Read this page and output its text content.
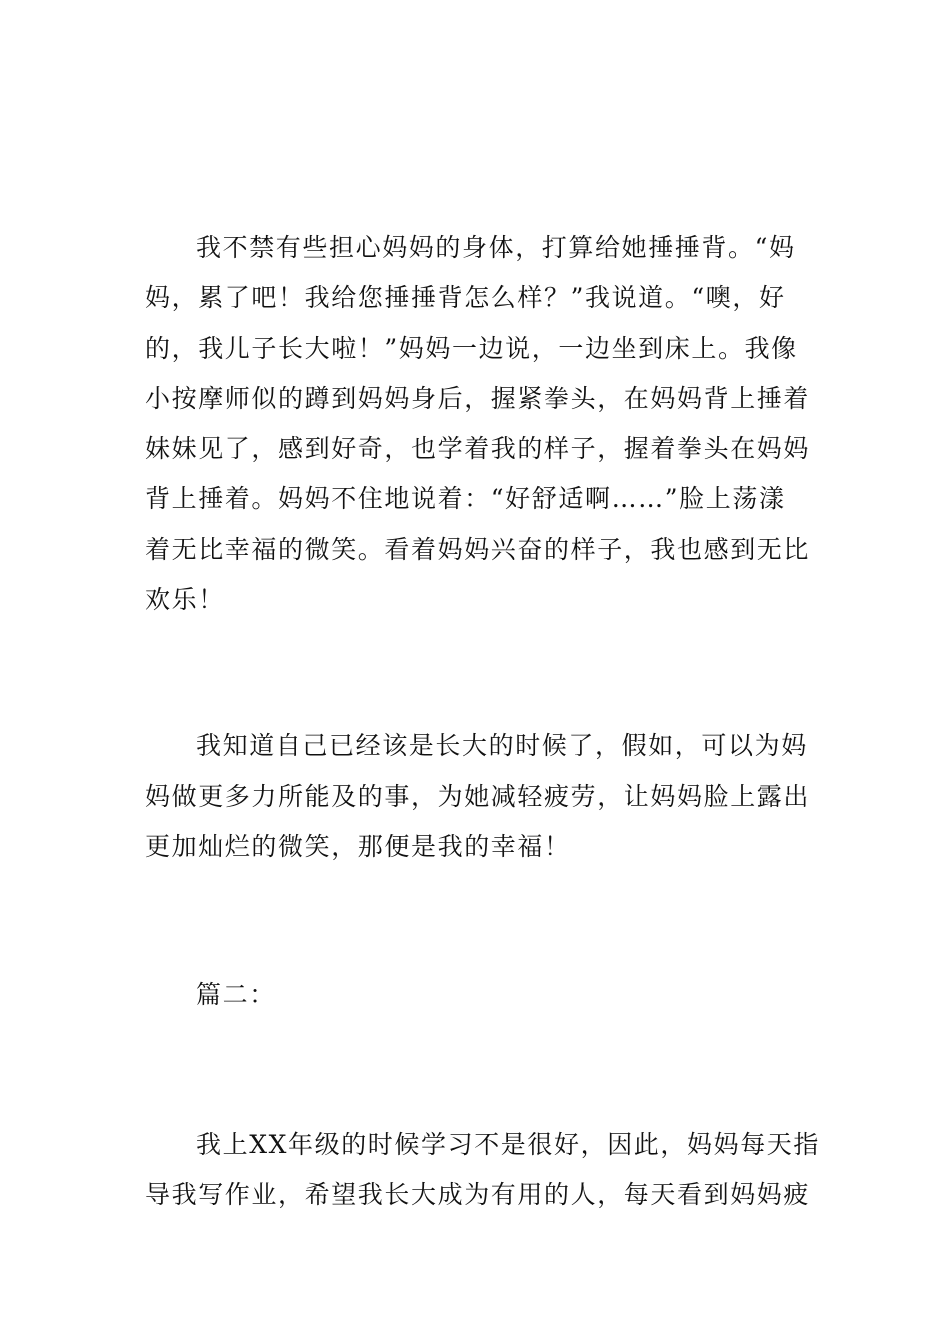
我不禁有些担心妈妈的身体，打算给她捶捶背。“妈
妈，累了吧！我给您捶捶背怎么样？”我说道。“噢，好
的，我儿子长大啦！”妈妈一边说，一边坐到床上。我像
小按摩师似的蹲到妈妈身后，握紧拳头，在妈妈背上捶着
妹妹见了，感到好奇，也学着我的样子，握着拳头在妈妈
背上捶着。妈妈不住地说着：“好舒适啊……”脸上荡漾
着无比幸福的微笑。看着妈妈兴奋的样子，我也感到无比
欢乐！
我知道自己已经该是长大的时候了，假如，可以为妈
妈做更多力所能及的事，为她减轻疲劳，让妈妈脸上露出
更加灿烂的微笑，那便是我的幸福！
篇二：
我上XX年级的时候学习不是很好，因此，妈妈每天指
导我写作业，希望我长大成为有用的人，每天看到妈妈疲
